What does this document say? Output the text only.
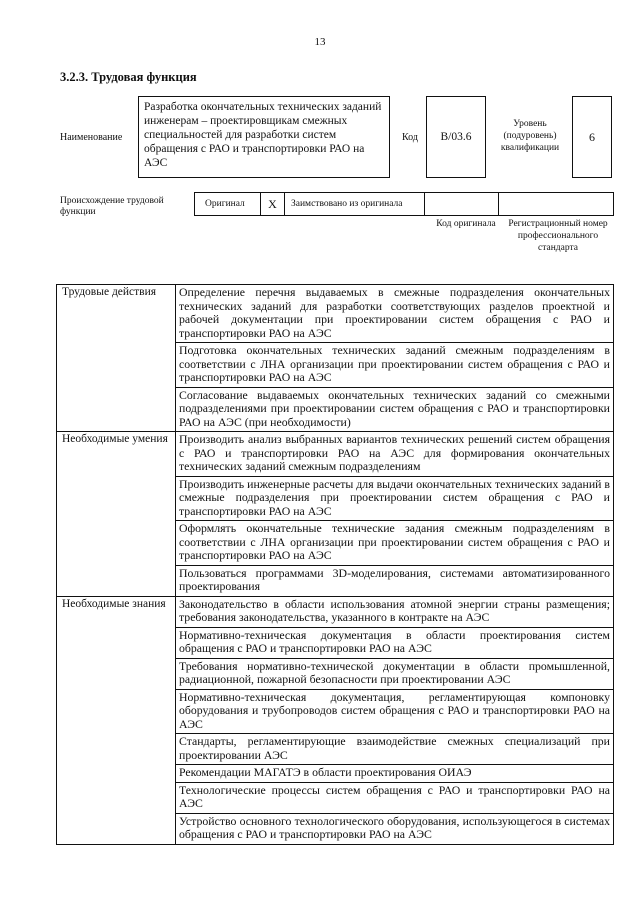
13
3.2.3. Трудовая функция
Наименование
Разработка окончательных технических заданий инженерам – проектировщикам смежных специальностей для разработки систем обращения с РАО и транспортировки РАО на АЭС
Код	B/03.6
Уровень (подуровень) квалификации
6
Происхождение трудовой функции
Оригинал	X	Заимствовано из оригинала
Код оригинала Регистрационный номер профессионального стандарта
Трудовые действия	Определение перечня выдаваемых в смежные подразделения окончательных технических заданий для разработки соответствующих разделов проектной и рабочей документации при проектировании систем обращения с РАО и транспортировки РАО на АЭС
	Подготовка окончательных технических заданий смежным подразделениям в соответствии с ЛНА организации при проектировании систем обращения с РАО и транспортировки РАО на АЭС
	Согласование выдаваемых окончательных технических заданий со смежными подразделениями при проектировании систем обращения с РАО и транспортировки РАО на АЭС (при необходимости)
Необходимые умения	Производить анализ выбранных вариантов технических решений систем обращения с РАО и транспортировки РАО на АЭС для формирования окончательных технических заданий смежным подразделениям
	Производить инженерные расчеты для выдачи окончательных технических заданий в смежные подразделения при проектировании систем обращения с РАО и транспортировки РАО на АЭС
	Оформлять окончательные технические задания смежным подразделениям в соответствии с ЛНА организации при проектировании систем обращения с РАО и транспортировки РАО на АЭС
	Пользоваться программами 3D-моделирования, системами автоматизированного проектирования
Необходимые знания	Законодательство в области использования атомной энергии страны размещения; требования законодательства, указанного в контракте на АЭС
	Нормативно-техническая документация в области проектирования систем обращения с РАО и транспортировки РАО на АЭС
	Требования нормативно-технической документации в области промышленной, радиационной, пожарной безопасности при проектировании АЭС
	Нормативно-техническая документация, регламентирующая компоновку оборудования и трубопроводов систем обращения с РАО и транспортировки РАО на АЭС
	Стандарты, регламентирующие взаимодействие смежных специализаций при проектировании АЭС
	Рекомендации МАГАТЭ в области проектирования ОИАЭ
	Технологические процессы систем обращения с РАО и транспортировки РАО на АЭС
	Устройство основного технологического оборудования, использующегося в системах обращения с РАО и транспортировки РАО на АЭС
